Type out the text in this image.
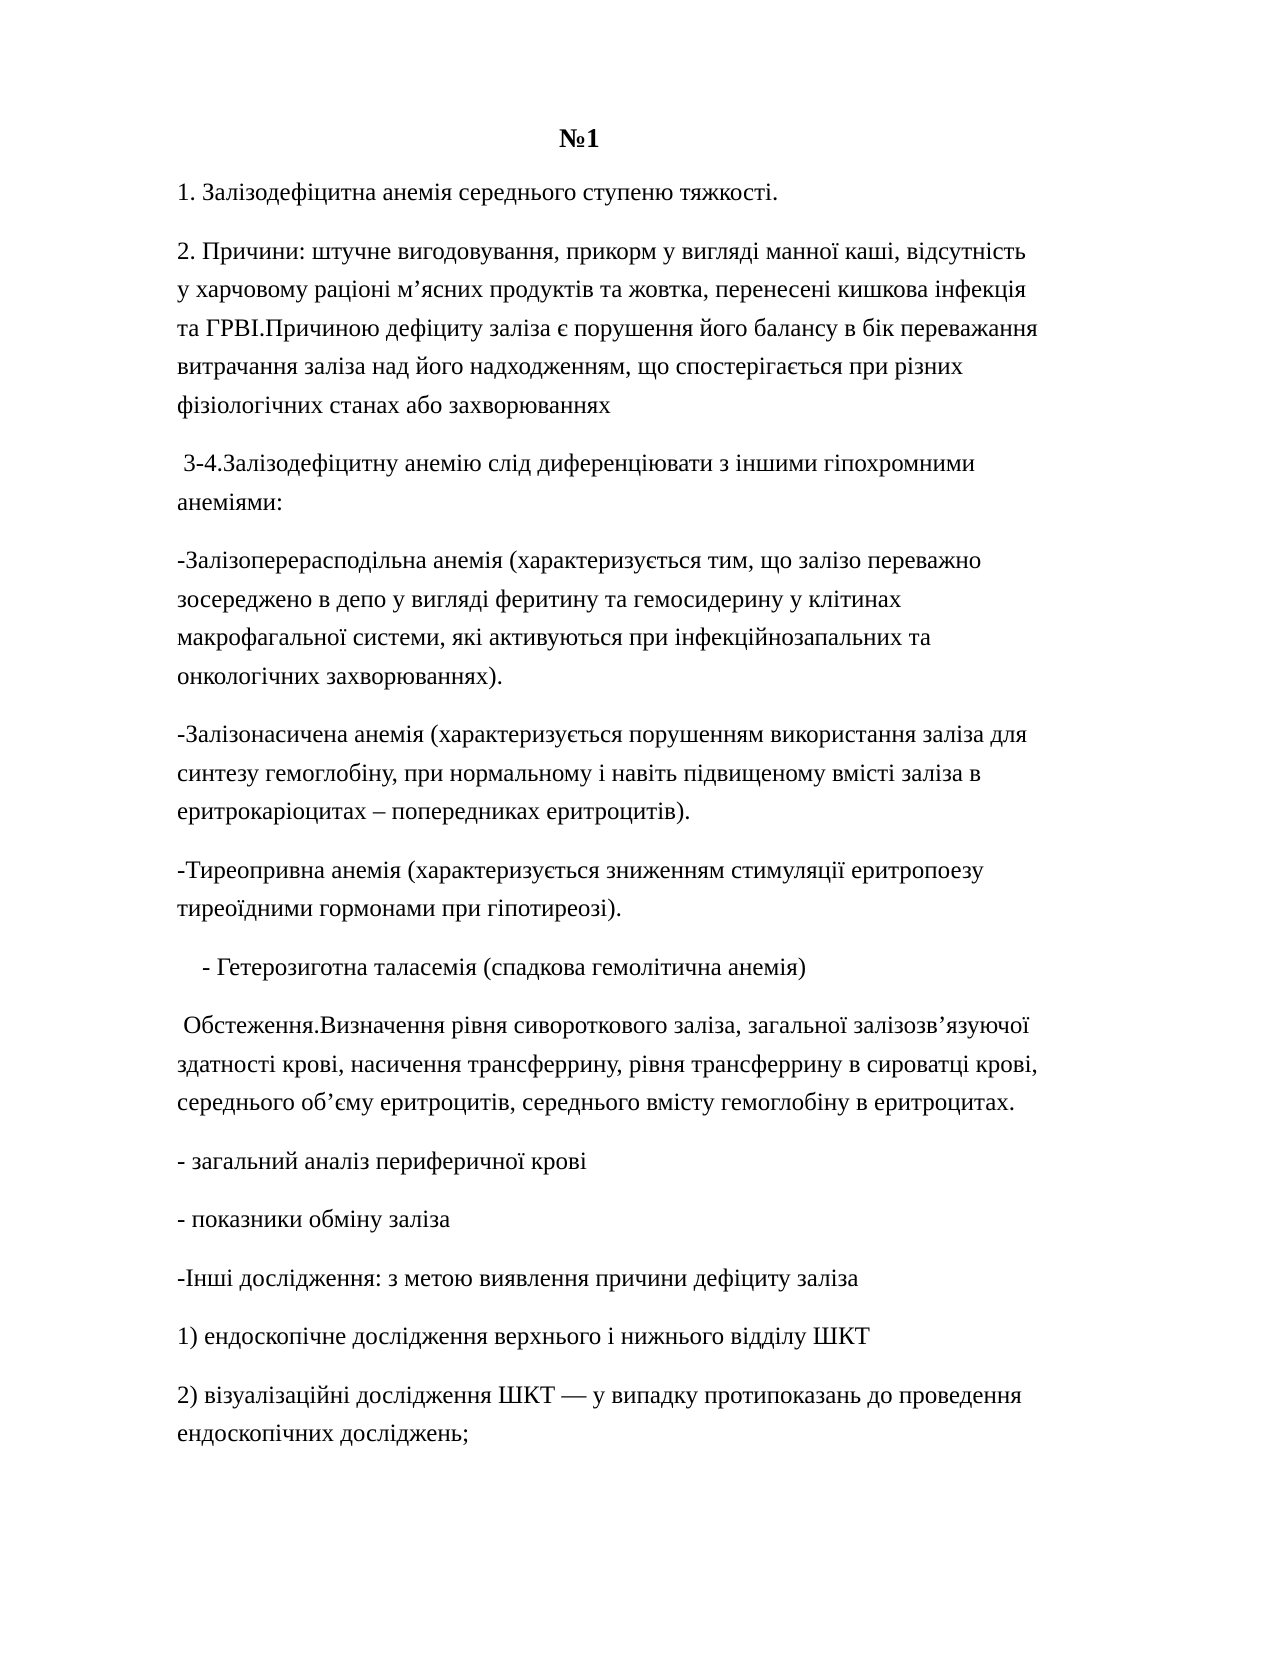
№1
1. Залізодефіцитна анемія середнього ступеню тяжкості.
2. Причини: штучне вигодовування, прикорм у вигляді манної каші, відсутність
у харчовому раціоні м’ясних продуктів та жовтка, перенесені кишкова інфекція
та ГРВІ.Причиною дефіциту заліза є порушення його балансу в бік переважання
витрачання заліза над його надходженням, що спостерігається при різних
фізіологічних станах або захворюваннях
3-4.Залізодефіцитну анемію слід диференціювати з іншими гіпохромними
анеміями:
-Залізоперерасподільна анемія (характеризується тим, що залізо переважно
зосереджено в депо у вигляді феритину та гемосидерину у клітинах
макрофагальної системи, які активуються при інфекційнозапальних та
онкологічних захворюваннях).
-Залізонасичена анемія (характеризується порушенням використання заліза для
синтезу гемоглобіну, при нормальному і навіть підвищеному вмісті заліза в
еритрокаріоцитах – попередниках еритроцитів).
-Тиреопривна анемія (характеризується зниженням стимуляції еритропоезу
тиреоїдними гормонами при гіпотиреозі).
- Гетерозиготна таласемія (спадкова гемолітична анемія)
Обстеження.Визначення рівня сивороткового заліза, загальної залізозв’язуючої
здатності крові, насичення трансферрину, рівня трансферрину в сироватці крові,
середнього об’єму еритроцитів, середнього вмісту гемоглобіну в еритроцитах.
- загальний аналіз периферичної крові
- показники обміну заліза
-Інші дослідження: з метою виявлення причини дефіциту заліза
1) ендоскопічне дослідження верхнього і нижнього відділу ШКТ
2) візуалізаційні дослідження ШКТ — у випадку протипоказань до проведення
ендоскопічних досліджень;
